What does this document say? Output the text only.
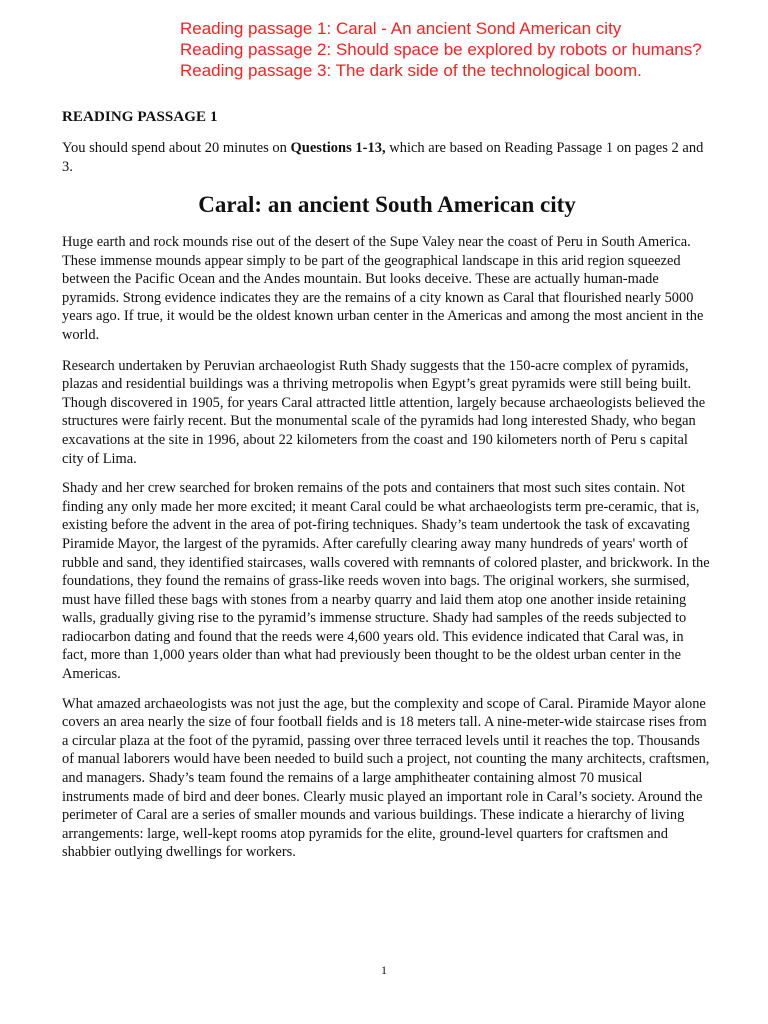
Reading passage 1: Caral - An ancient Sond American city
Reading passage 2: Should space be explored by robots or humans?
Reading passage 3: The dark side of the technological boom.
READING PASSAGE 1
You should spend about 20 minutes on Questions 1-13, which are based on Reading Passage 1 on pages 2 and 3.
Caral: an ancient South American city

Huge earth and rock mounds rise out of the desert of the Supe Valey near the coast of Peru in South America. These immense mounds appear simply to be part of the geographical landscape in this arid region squeezed between the Pacific Ocean and the Andes mountain. But looks deceive. These are actually human-made pyramids. Strong evidence indicates they are the remains of a city known as Caral that flourished nearly 5000 years ago. If true, it would be the oldest known urban center in the Americas and among the most ancient in the world.

Research undertaken by Peruvian archaeologist Ruth Shady suggests that the 150-acre complex of pyramids, plazas and residential buildings was a thriving metropolis when Egypt’s great pyramids were still being built. Though discovered in 1905, for years Caral attracted little attention, largely because archaeologists believed the structures were fairly recent. But the monumental scale of the pyramids had long interested Shady, who began excavations at the site in 1996, about 22 kilometers from the coast and 190 kilometers north of Peru s capital city of Lima.

Shady and her crew searched for broken remains of the pots and containers that most such sites contain. Not finding any only made her more excited; it meant Caral could be what archaeologists term pre-ceramic, that is, existing before the advent in the area of pot-firing techniques. Shady’s team undertook the task of excavating Piramide Mayor, the largest of the pyramids. After carefully clearing away many hundreds of years' worth of rubble and sand, they identified staircases, walls covered with remnants of colored plaster, and brickwork. In the foundations, they found the remains of grass-like reeds woven into bags. The original workers, she surmised, must have filled these bags with stones from a nearby quarry and laid them atop one another inside retaining walls, gradually giving rise to the pyramid’s immense structure. Shady had samples of the reeds subjected to radiocarbon dating and found that the reeds were 4,600 years old. This evidence indicated that Caral was, in fact, more than 1,000 years older than what had previously been thought to be the oldest urban center in the Americas.

What amazed archaeologists was not just the age, but the complexity and scope of Caral. Piramide Mayor alone covers an area nearly the size of four football fields and is 18 meters tall. A nine-meter-wide staircase rises from a circular plaza at the foot of the pyramid, passing over three terraced levels until it reaches the top. Thousands of manual laborers would have been needed to build such a project, not counting the many architects, craftsmen, and managers. Shady’s team found the remains of a large amphitheater containing almost 70 musical instruments made of bird and deer bones. Clearly music played an important role in Caral’s society. Around the perimeter of Caral are a series of smaller mounds and various buildings. These indicate a hierarchy of living arrangements: large, well-kept rooms atop pyramids for the elite, ground-level quarters for craftsmen and shabbier outlying dwellings for workers.

1
